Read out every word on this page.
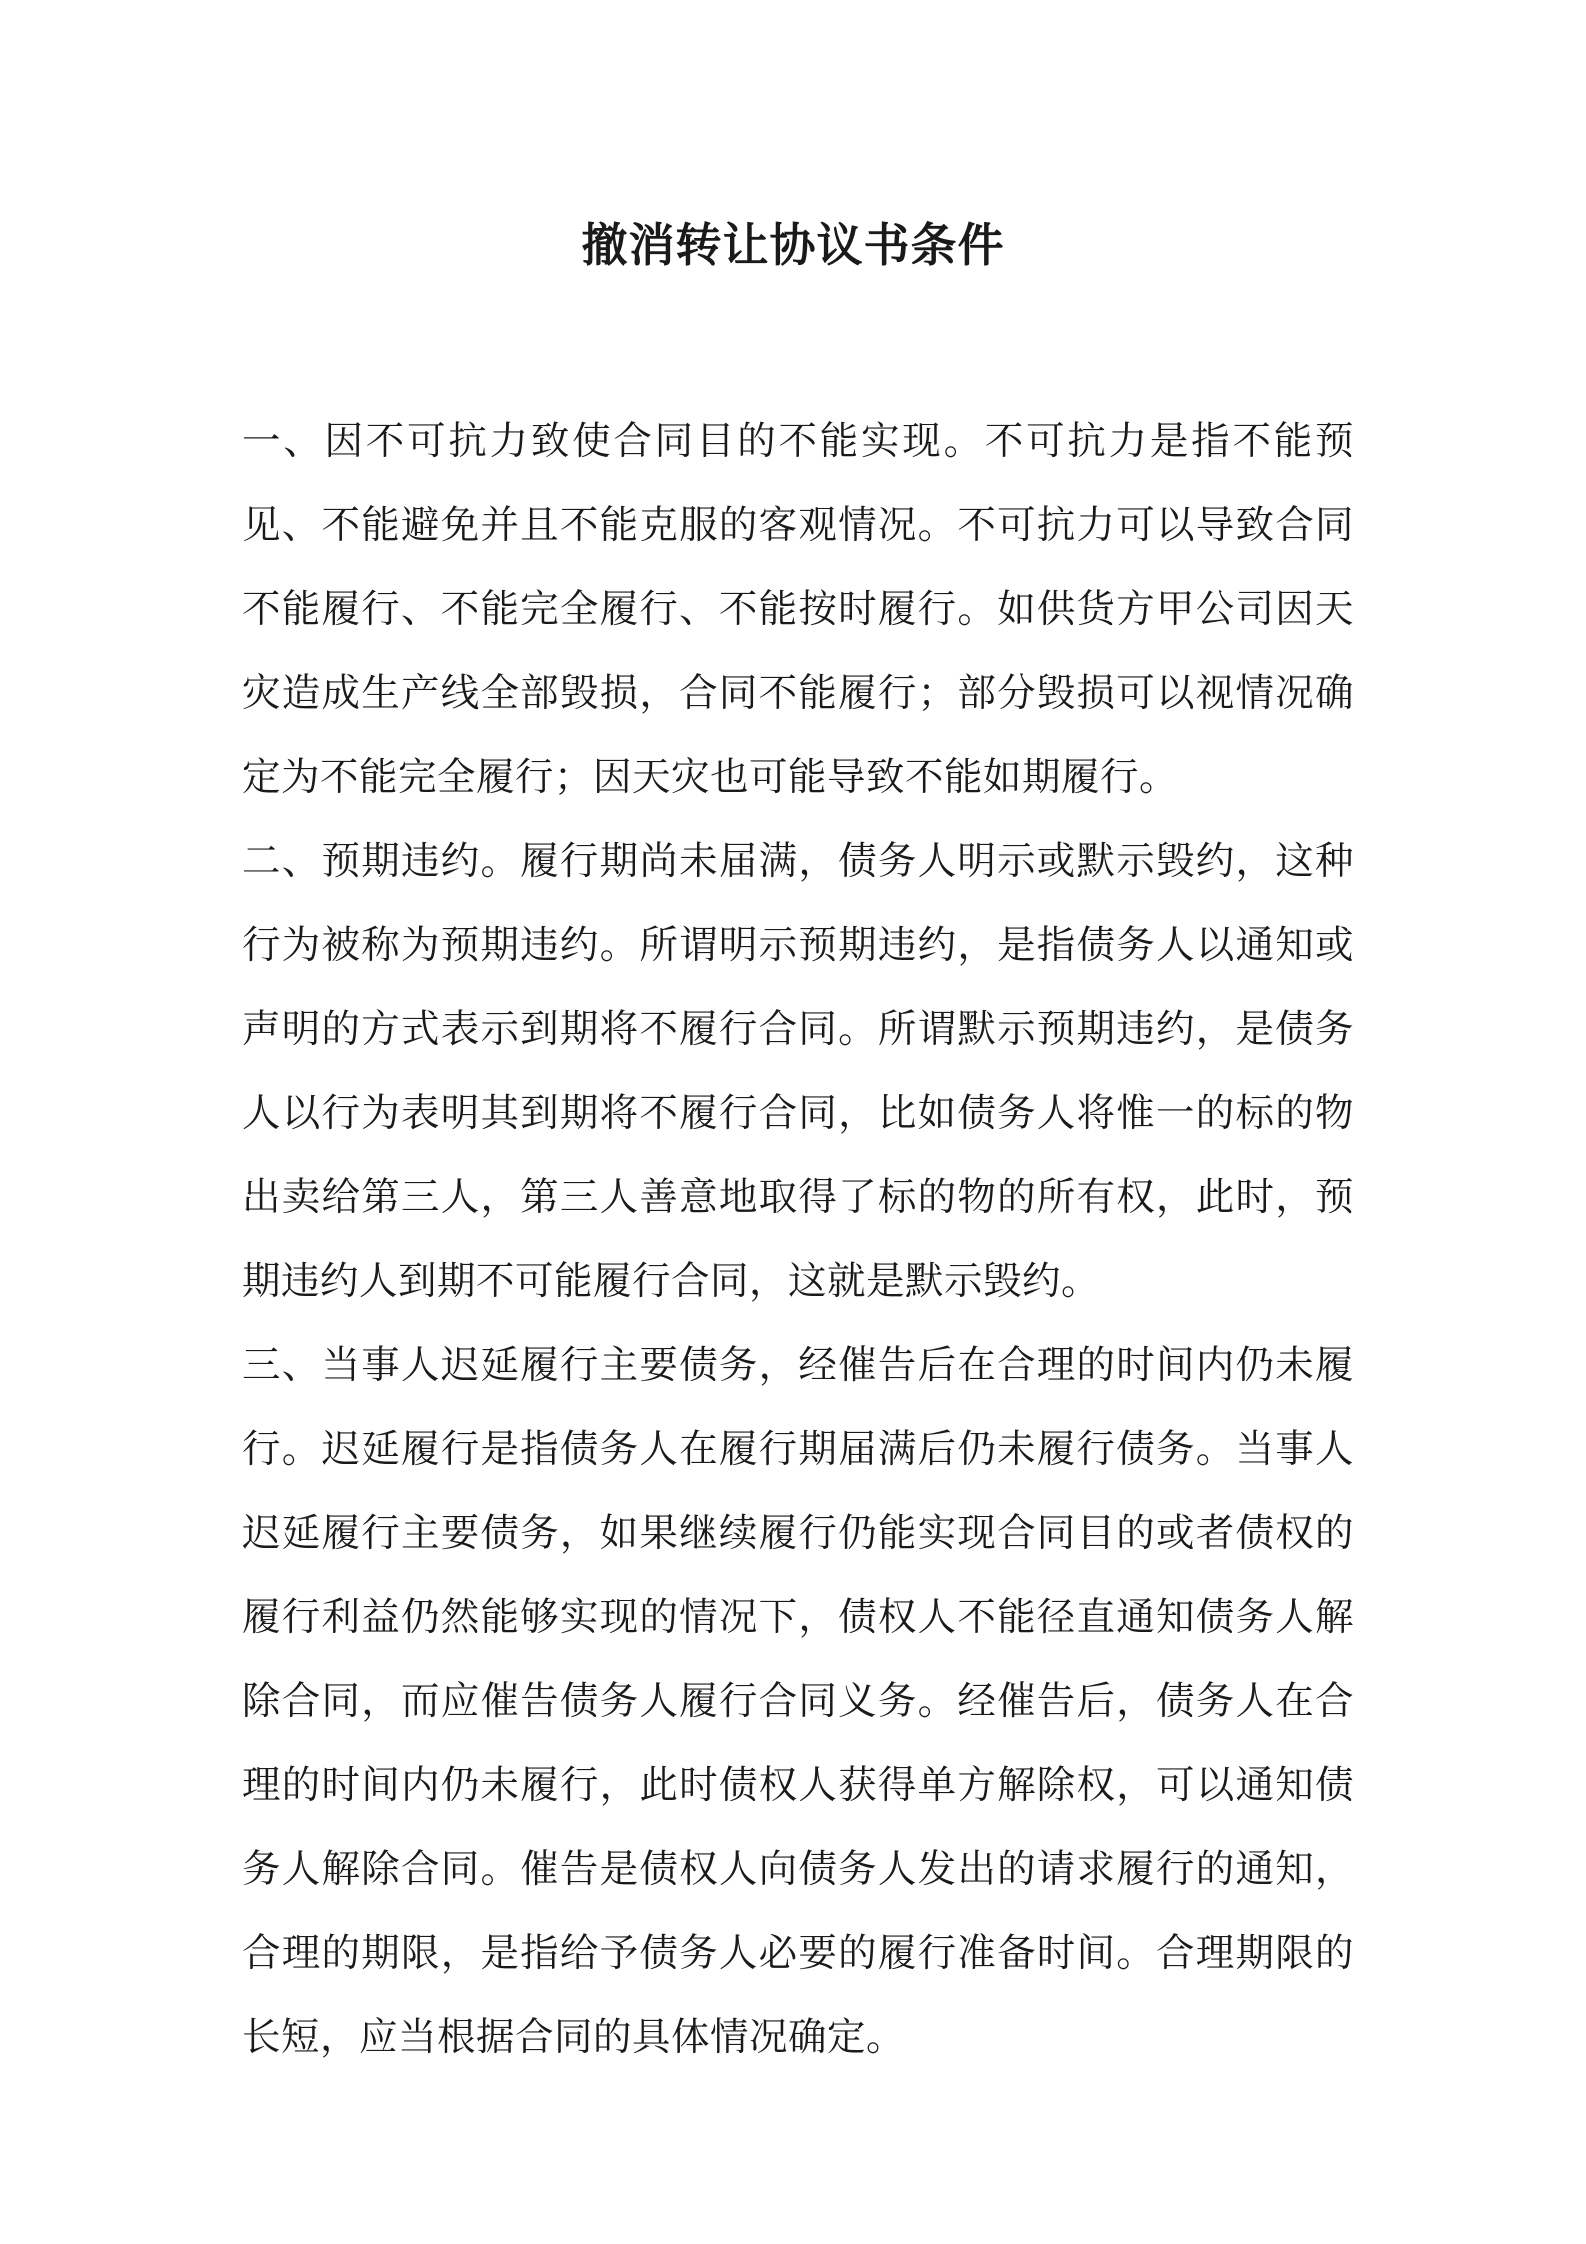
撤消转让协议书条件

一、因不可抗力致使合同目的不能实现。不可抗力是指不能预见、不能避免并且不能克服的客观情况。不可抗力可以导致合同不能履行、不能完全履行、不能按时履行。如供货方甲公司因天灾造成生产线全部毁损，合同不能履行；部分毁损可以视情况确定为不能完全履行；因天灾也可能导致不能如期履行。

二、预期违约。履行期尚未届满，债务人明示或默示毁约，这种行为被称为预期违约。所谓明示预期违约，是指债务人以通知或声明的方式表示到期将不履行合同。所谓默示预期违约，是债务人以行为表明其到期将不履行合同，比如债务人将惟一的标的物出卖给第三人，第三人善意地取得了标的物的所有权，此时，预期违约人到期不可能履行合同，这就是默示毁约。

三、当事人迟延履行主要债务，经催告后在合理的时间内仍未履行。迟延履行是指债务人在履行期届满后仍未履行债务。当事人迟延履行主要债务，如果继续履行仍能实现合同目的或者债权的履行利益仍然能够实现的情况下，债权人不能径直通知债务人解除合同，而应催告债务人履行合同义务。经催告后，债务人在合理的时间内仍未履行，此时债权人获得单方解除权，可以通知债务人解除合同。催告是债权人向债务人发出的请求履行的通知，合理的期限，是指给予债务人必要的履行准备时间。合理期限的长短，应当根据合同的具体情况确定。
